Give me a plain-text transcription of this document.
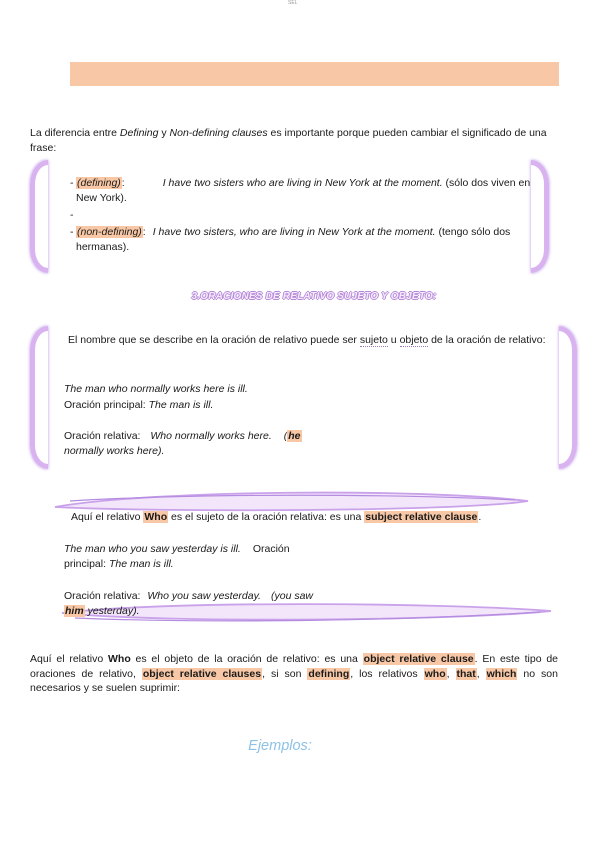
SEL
La diferencia entre Defining y Non-defining clauses es importante porque pueden cambiar el significado de una frase:
- (defining):	I have two sisters who are living in New York at the moment. (sólo dos viven en New York).
-
- (non-defining): I have two sisters, who are living in New York at the moment. (tengo sólo dos hermanas).
3.ORACIONES DE RELATIVO SUJETO Y OBJETO:
El nombre que se describe en la oración de relativo puede ser sujeto u objeto de la oración de relativo:
The man who normally works here is ill.
Oración principal: The man is ill.
Oración relativa: Who normally works here. (he
normally works here).
Aquí el relativo Who es el sujeto de la oración relativa: es una subject relative clause.
The man who you saw yesterday is ill. Oración principal: The man is ill.
Oración relativa: Who you saw yesterday. (you saw him yesterday).
Aquí el relativo Who es el objeto de la oración de relativo: es una object relative clause. En este tipo de oraciones de relativo, object relative clauses, si son defining, los relativos who, that, which no son necesarios y se suelen suprimir:
Ejemplos:
